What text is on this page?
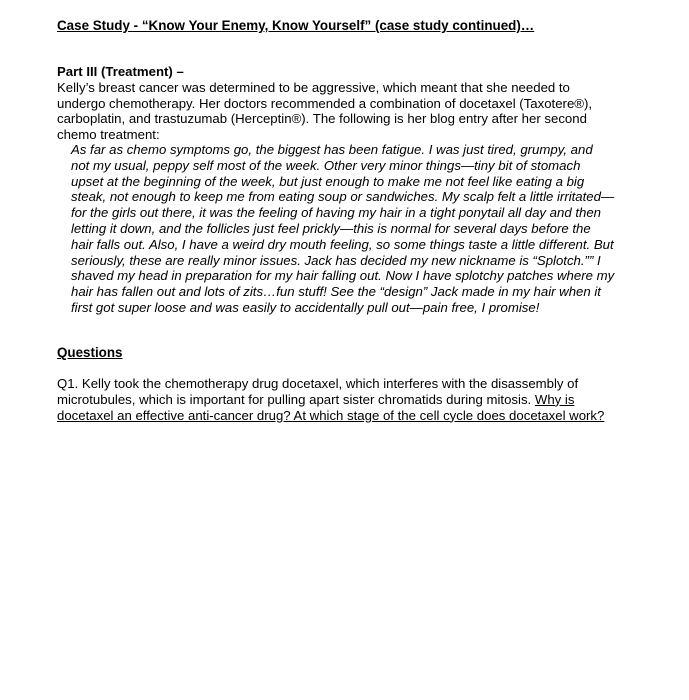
Case Study - “Know Your Enemy, Know Yourself” (case study continued)…
Part III (Treatment) –
Kelly’s breast cancer was determined to be aggressive, which meant that she needed to
undergo chemotherapy. Her doctors recommended a combination of docetaxel (Taxotere®),
carboplatin, and trastuzumab (Herceptin®). The following is her blog entry after her second
chemo treatment:
As far as chemo symptoms go, the biggest has been fatigue. I was just tired, grumpy, and
not my usual, peppy self most of the week. Other very minor things—tiny bit of stomach
upset at the beginning of the week, but just enough to make me not feel like eating a big
steak, not enough to keep me from eating soup or sandwiches. My scalp felt a little irritated—
for the girls out there, it was the feeling of having my hair in a tight ponytail all day and then
letting it down, and the follicles just feel prickly—this is normal for several days before the
hair falls out. Also, I have a weird dry mouth feeling, so some things taste a little different. But
seriously, these are really minor issues. Jack has decided my new nickname is “Splotch.”” I
shaved my head in preparation for my hair falling out. Now I have splotchy patches where my
hair has fallen out and lots of zits…fun stuff! See the “design” Jack made in my hair when it
first got super loose and was easily to accidentally pull out—pain free, I promise!
Questions
Q1. Kelly took the chemotherapy drug docetaxel, which interferes with the disassembly of
microtubules, which is important for pulling apart sister chromatids during mitosis. Why is
docetaxel an effective anti-cancer drug? At which stage of the cell cycle does docetaxel work?
